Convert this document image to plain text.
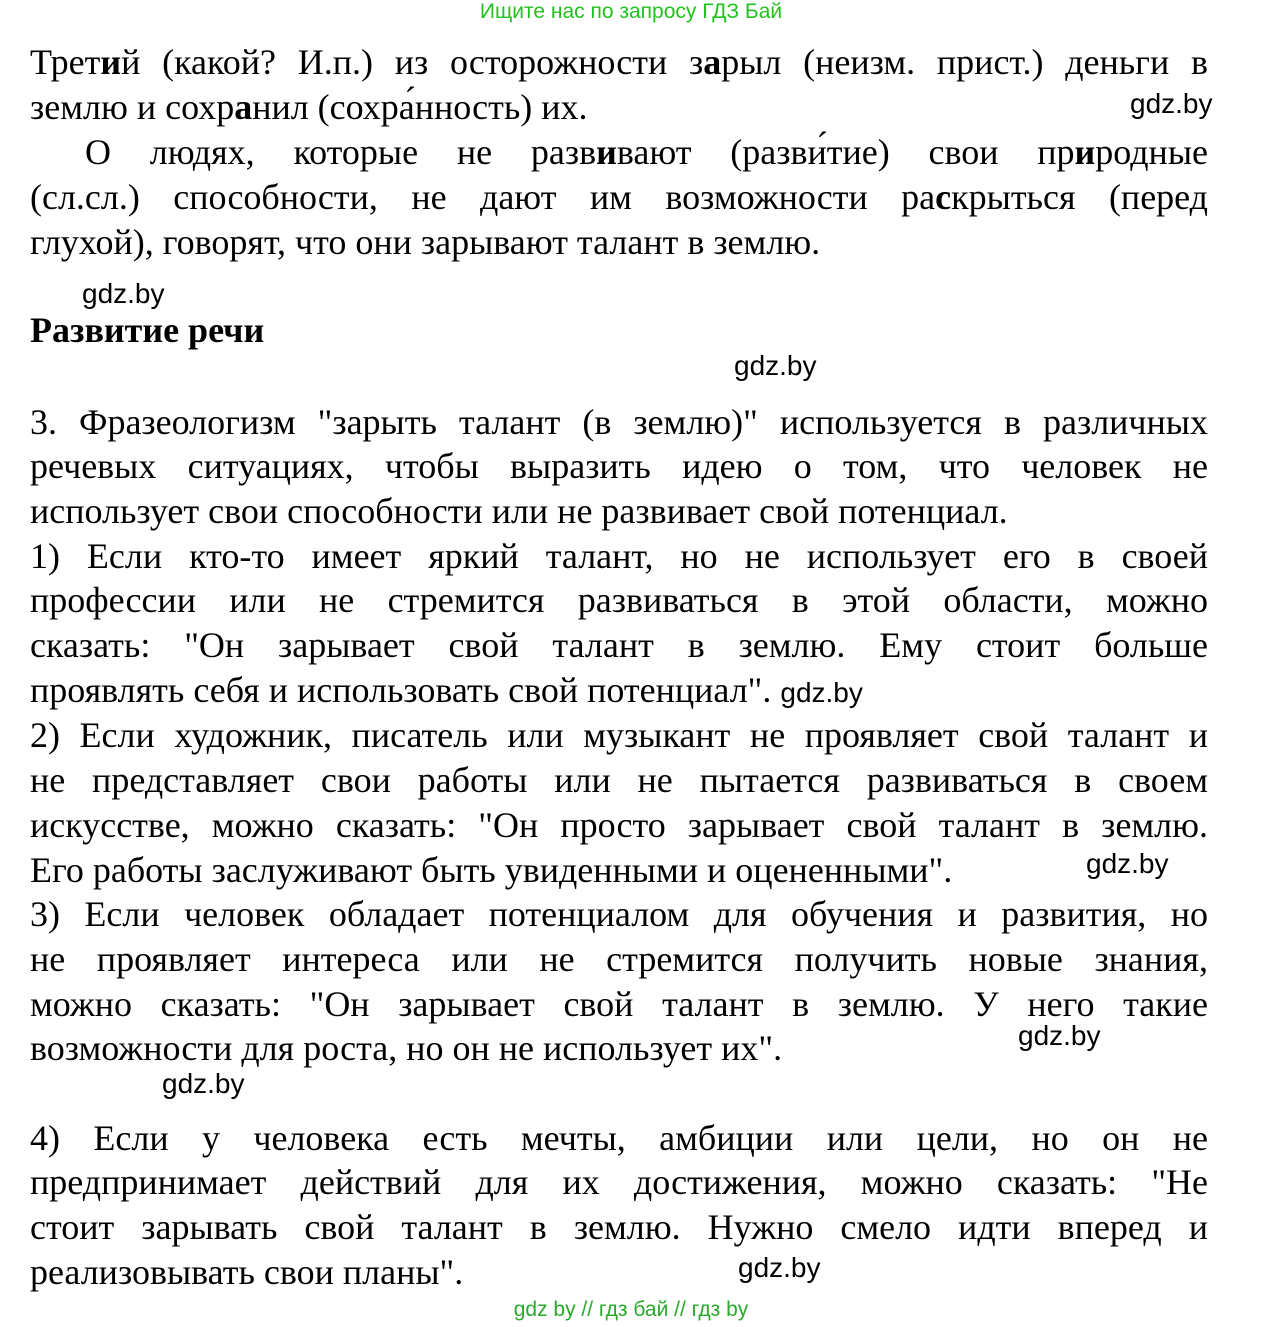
Ищите нас по запросу ГДЗ Бай

Третий (какой? И.п.) из осторожности зарыл (неизм. прист.) деньги в

землю и сохранил (сохра́нность) их.	gdz.by

О людях, которые не развивают (разви́тие) свои природные

(сл.сл.) способности, не дают им возможности раскрыться (перед

глухой), говорят, что они зарывают талант в землю.

gdz.by

Развитие речи

gdz.by

3. Фразеологизм "зарыть талант (в землю)" используется в различных

речевых ситуациях, чтобы выразить идею о том, что человек не

использует свои способности или не развивает свой потенциал.

1) Если кто-то имеет яркий талант, но не использует его в своей

профессии или не стремится развиваться в этой области, можно

сказать: "Он зарывает свой талант в землю. Ему стоит больше

проявлять себя и использовать свой потенциал". gdz.by

2) Если художник, писатель или музыкант не проявляет свой талант и

не представляет свои работы или не пытается развиваться в своем

искусстве, можно сказать: "Он просто зарывает свой талант в землю.

Его работы заслуживают быть увиденными и оцененными".	gdz.by

3) Если человек обладает потенциалом для обучения и развития, но

не проявляет интереса или не стремится получить новые знания,

можно сказать: "Он зарывает свой талант в землю. У него такие

возможности для роста, но он не использует их".	gdz.by

gdz.by

4) Если у человека есть мечты, амбиции или цели, но он не

предпринимает действий для их достижения, можно сказать: "Не

стоит зарывать свой талант в землю. Нужно смело идти вперед и

реализовывать свои планы".	gdz.by

gdz by // гдз бай // гдз by
